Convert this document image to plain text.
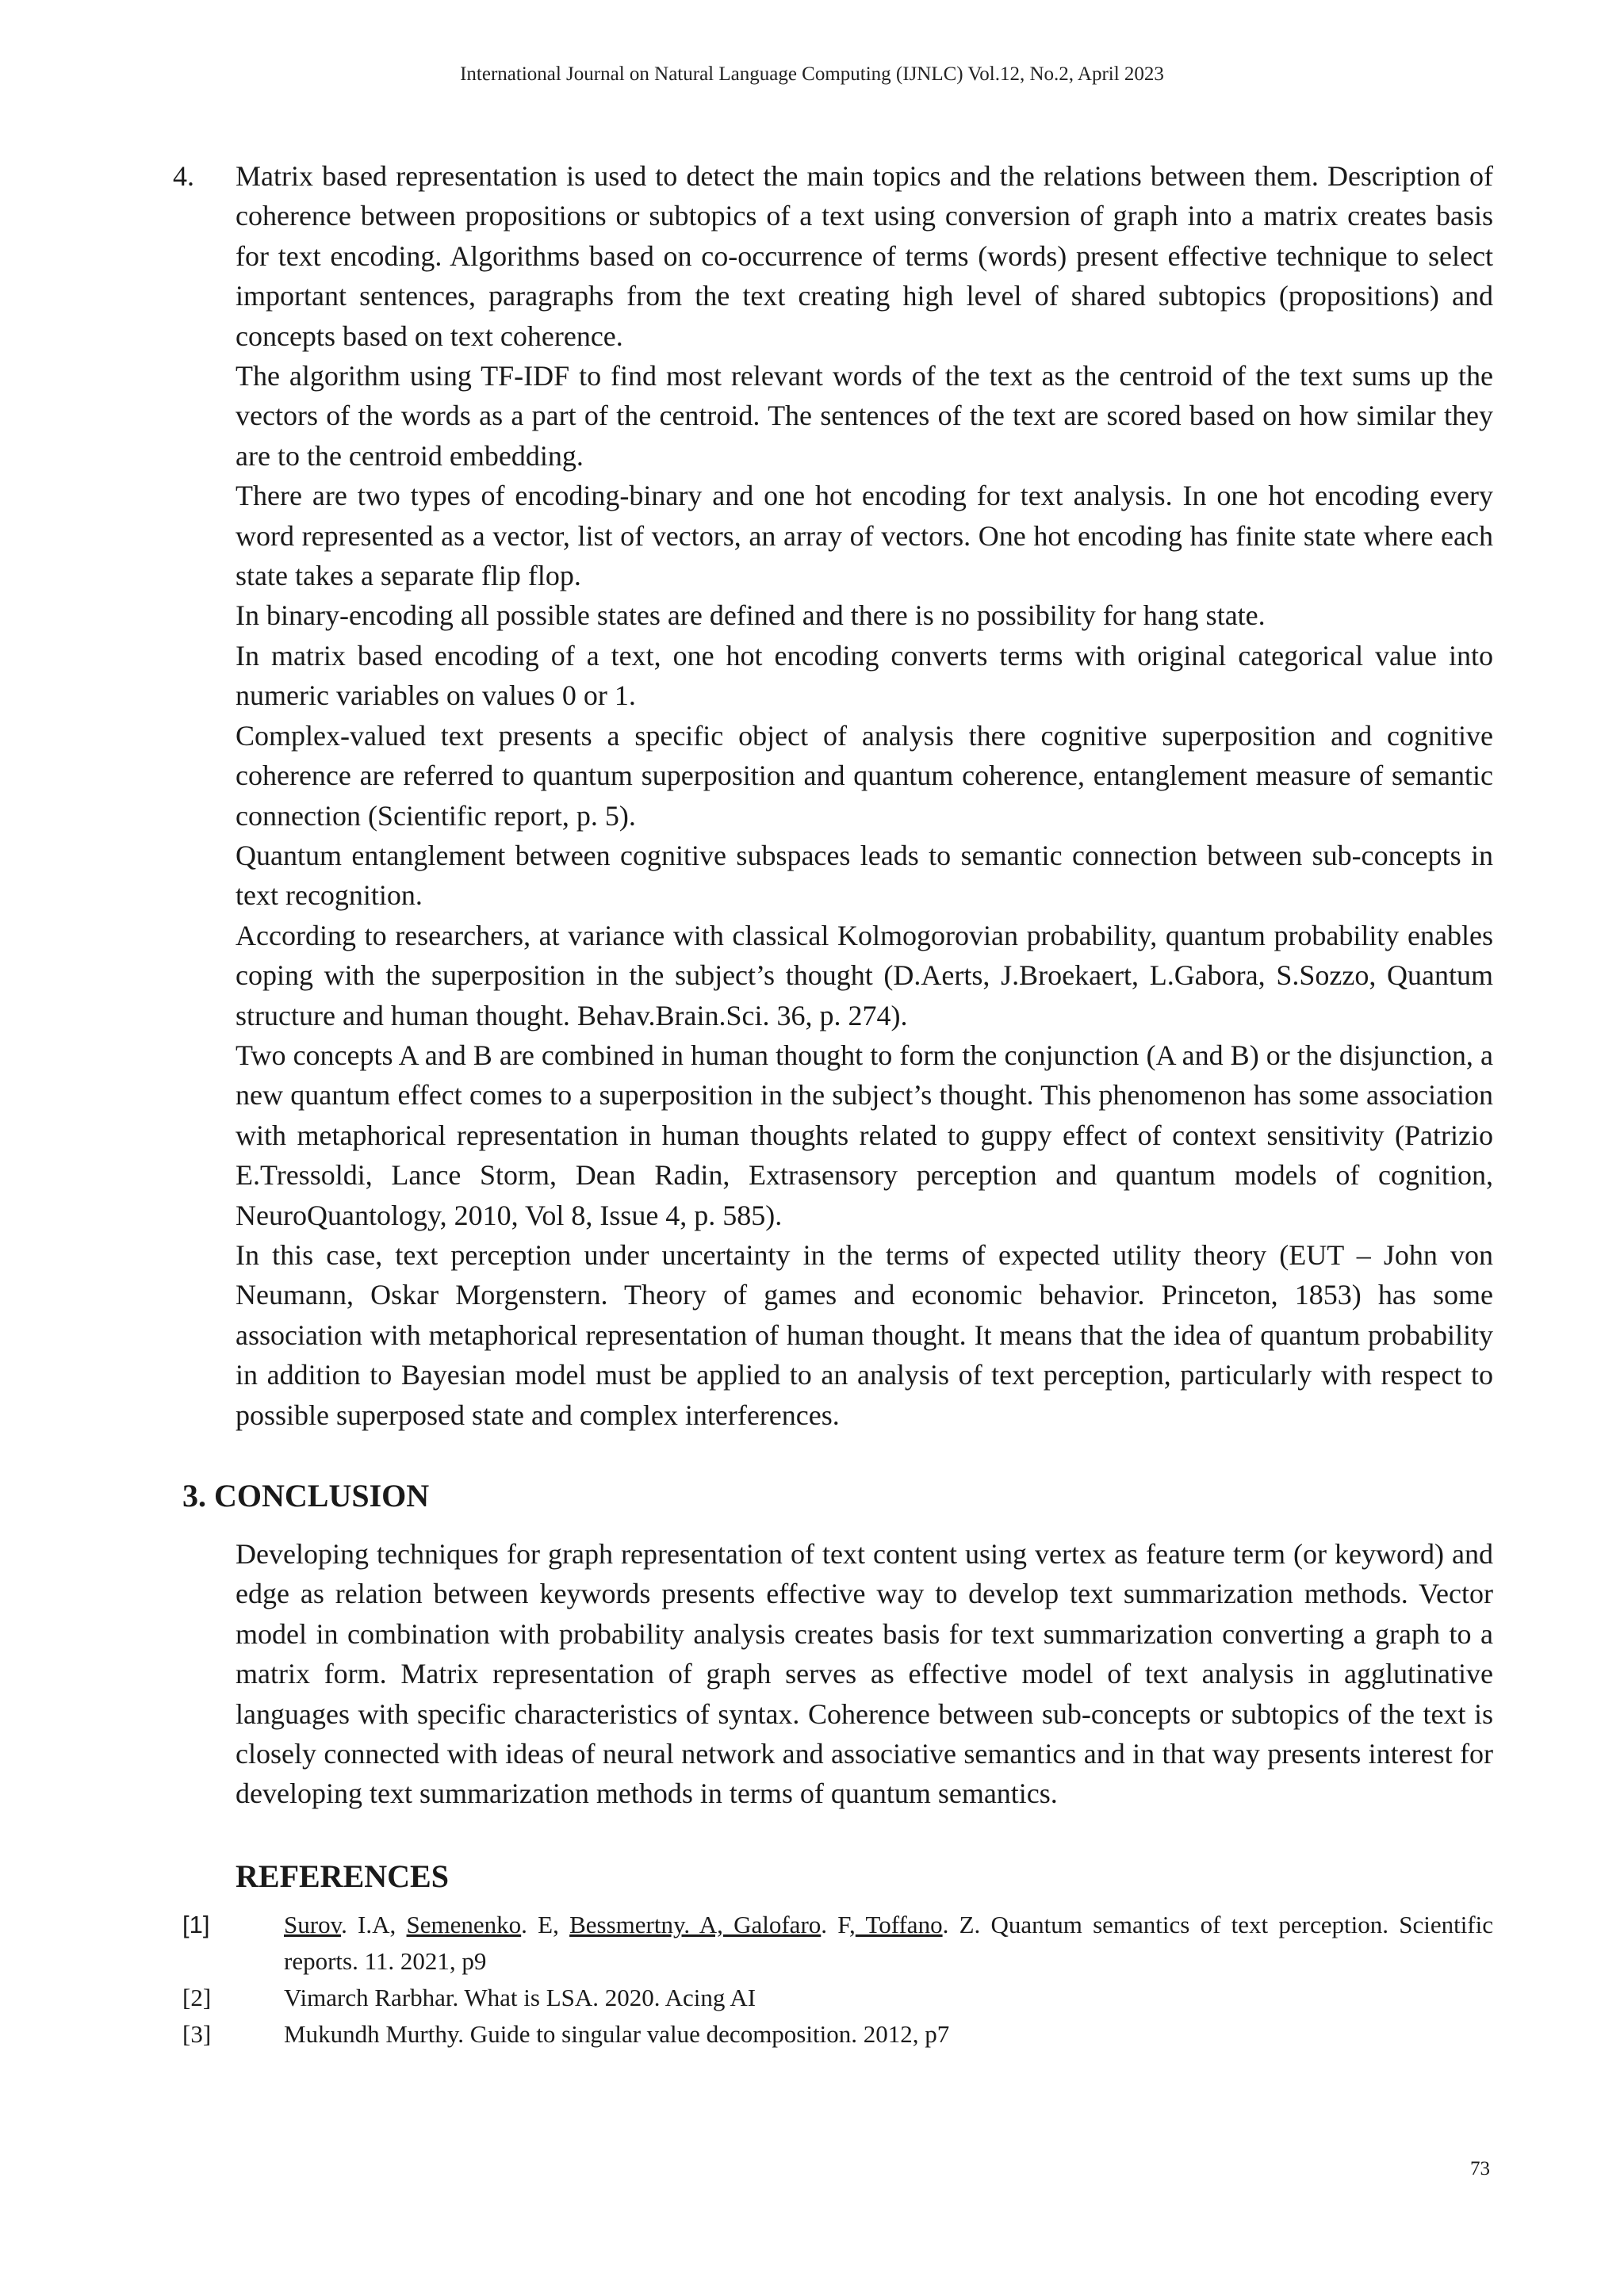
International Journal on Natural Language Computing (IJNLC) Vol.12, No.2, April 2023
4. Matrix based representation is used to detect the main topics and the relations between them. Description of coherence between propositions or subtopics of a text using conversion of graph into a matrix creates basis for text encoding. Algorithms based on co-occurrence of terms (words) present effective technique to select important sentences, paragraphs from the text creating high level of shared subtopics (propositions) and concepts based on text coherence.

The algorithm using TF-IDF to find most relevant words of the text as the centroid of the text sums up the vectors of the words as a part of the centroid. The sentences of the text are scored based on how similar they are to the centroid embedding.

There are two types of encoding-binary and one hot encoding for text analysis. In one hot encoding every word represented as a vector, list of vectors, an array of vectors. One hot encoding has finite state where each state takes a separate flip flop.

In binary-encoding all possible states are defined and there is no possibility for hang state.

In matrix based encoding of a text, one hot encoding converts terms with original categorical value into numeric variables on values 0 or 1.

Complex-valued text presents a specific object of analysis there cognitive superposition and cognitive coherence are referred to quantum superposition and quantum coherence, entanglement measure of semantic connection (Scientific report, p. 5).

Quantum entanglement between cognitive subspaces leads to semantic connection between sub-concepts in text recognition.

According to researchers, at variance with classical Kolmogorovian probability, quantum probability enables coping with the superposition in the subject’s thought (D.Aerts, J.Broekaert, L.Gabora, S.Sozzo, Quantum structure and human thought. Behav.Brain.Sci. 36, p. 274).

Two concepts A and B are combined in human thought to form the conjunction (A and B) or the disjunction, a new quantum effect comes to a superposition in the subject’s thought. This phenomenon has some association with metaphorical representation in human thoughts related to guppy effect of context sensitivity (Patrizio E.Tressoldi, Lance Storm, Dean Radin, Extrasensory perception and quantum models of cognition, NeuroQuantology, 2010, Vol 8, Issue 4, p. 585).

In this case, text perception under uncertainty in the terms of expected utility theory (EUT – John von Neumann, Oskar Morgenstern. Theory of games and economic behavior. Princeton, 1853) has some association with metaphorical representation of human thought. It means that the idea of quantum probability in addition to Bayesian model must be applied to an analysis of text perception, particularly with respect to possible superposed state and complex interferences.

3. CONCLUSION

Developing techniques for graph representation of text content using vertex as feature term (or keyword) and edge as relation between keywords presents effective way to develop text summarization methods. Vector model in combination with probability analysis creates basis for text summarization converting a graph to a matrix form. Matrix representation of graph serves as effective model of text analysis in agglutinative languages with specific characteristics of syntax. Coherence between sub-concepts or subtopics of the text is closely connected with ideas of neural network and associative semantics and in that way presents interest for developing text summarization methods in terms of quantum semantics.

REFERENCES
[1]	Surov. I.A, Semenenko. E, Bessmertny. A, Galofaro. F, Toffano. Z. Quantum semantics of text perception. Scientific reports. 11. 2021, p9
[2]	Vimarch Rarbhar. What is LSA. 2020. Acing AI
[3]	Mukundh Murthy. Guide to singular value decomposition. 2012, p7
73
